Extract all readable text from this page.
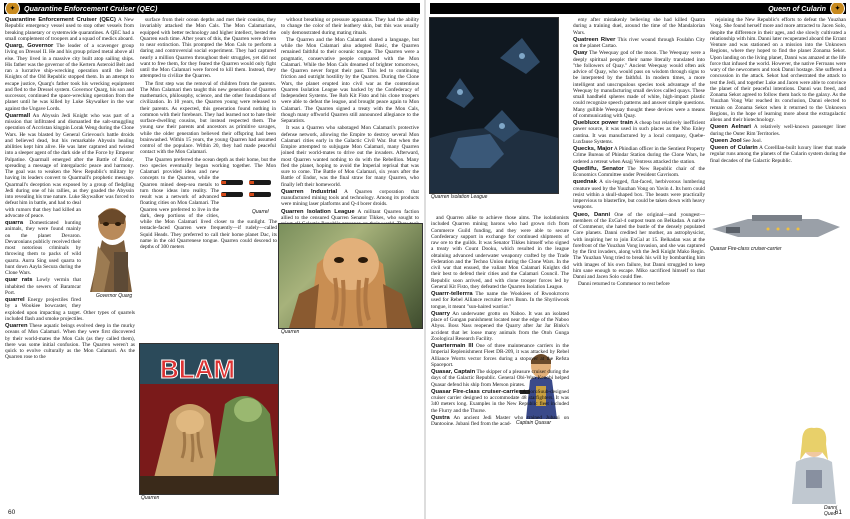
✦	Quarantine Enforcement Cruiser (QEC)

Quarantine Enforcement Cruiser (QEC) A New Republic emergency vessel used to stop other vessels from breaking planetary or systemwide quarantines. A QEC had a small complement of troopers and a squad of medics aboard.

Quarg, Governor The leader of a scavenger group living on Dressel II. He and his group prized metal above all else. They lived in a massive city built atop sailing ships. His father was the governor of the Kertern Asteroid Belt and ran a lucrative ship-wrecking operation until the Jedi Knights of the Old Republic stopped them. In an attempt to escape justice, Quarg's father took his wrecking equipment and fled to the Dressel system. Governor Quarg, his son and successor, continued the space-wrecking operation from the planet until he was killed by Luke Skywalker in the war against the Ungave Lords.

Quarmall An Abyssin Jedi Knight who was part of a mission that infiltrated and dismantled the salt-smuggling operation of Accristan kingpin Lorak Weng during the Clone Wars. He was blasted by General Grievous's battle droids and believed dead, but his remarkable Abyssin healing abilities kept him alive. He was later captured and twisted into a sleeper agent of the dark side of the Force by Emperor Palpatine. Quarmall emerged after the Battle of Endor, spreading a message of intergalactic peace and harmony. The goal was to weaken the New Republic's military by having its leaders convert to Quarmall's prophetic message. Quarmall's deception was exposed by a group of fledgling Jedi during one of his rallies, as they goaded the Abyssin into revealing his true nature. Luke Skywalker was forced to defeat him in battle, and had to deal with rumors that they had killed an advocate of peace.

quarra Domesticated hunting animals, they were found mainly on the planet Devaron. Devaronians publicly received their most notorious criminals by throwing them to packs of wild quarra. Aurra Sing used quarra to hunt down Aayla Secura during the Clone Wars.

quar rats Lowly vermin that inhabited the sewers of Baramcar Port.

quarrel Energy projectiles fired by a Wookiee bowcaster, they exploded upon impacting a target. Other types of quarrels included flash and smoke projectiles.

Quarren These aquatic beings evolved deep in the murky oceans of Mon Calamari. When they were first discovered by their world-mates the Mon Cals (as they called them), there was some initial confusion. The Quarren weren't as quick to evolve culturally as the Mon Calamari. As the Quarren rose to the

surface from their ocean depths and met their cousins, they invariably attacked the Mon Cals. The Mon Calamarians, equipped with better technology and higher intellect, bested the Quarren each time. After years of this, the Quarren were driven to near extinction. This prompted the Mon Cals to perform a daring and controversial social experiment. They had captured nearly a million Quarren throughout their struggles, yet did not want to free them, for they feared the Quarren would only fight until the Mon Calamari were forced to kill them. Instead, they attempted to civilize the Quarren.

The first step was the removal of children from the parents. The Mon Calamari then taught this new generation of Quarren mathematics, philosophy, science, and the other foundations of civilization. In 10 years, the Quarren young were released to their parents. As expected, this generation found nothing in common with their forebears. They had learned not to hate their surface-dwelling cousins, but instead respected them. The young saw their parents and ancestors as primitive savages, while the older generation believed their offspring had been brainwashed. Within 15 years, the young Quarren had assumed control of the populace. Within 20, they had made peaceful contact with the Mon Calamari.

The Quarren preferred the ocean depth as their home, but the two species eventually began working together. The Mon Calamari provided ideas and new concepts to the Quarren, while the Quarren mined deep-sea metals to turn those ideas into reality. The result was a network of advanced floating cities on Mon Calamari. The Quarren were preferred to live in the dark, deep portions of the cities, while the Mon Calamari lived closer to the sunlight. The tentacle-faced Quarren were frequently—if rudely—called Squid Heads. They preferred to call their home planet Dac, its name in the old Quarrenese tongue. Quarren could descend to depths of 300 meters

without breathing or pressure apparatus. They had the ability to change the color of their leathery skin, but this was usually only demonstrated during mating rituals.

The Quarren and the Mon Calamari shared a language, but while the Mon Calamari also adopted Basic, the Quarren remained faithful to their oceanic tongue. The Quarren were a pragmatic, conservative people compared with the Mon Calamari. While the Mon Cals dreamed of brighter tomorrows, the Quarren never forgot their past. This led to continuing friction and outright hostility by the Quarren. During the Clone Wars, the planet erupted into civil war as the contentious Quarren Isolation League was backed by the Confederacy of Independent Systems. Tee Rob Kit Fisto and his clone troopers were able to defeat the league, and brought peace again to Mon Calamari. The Quarren signed a treaty with the Mon Cals, though many offworld Quarren still announced allegiance to the Separatists.

It was a Quarren who sabotaged Mon Calamari's protective defense network, allowing the Empire to destroy several Mon Calamari cities early in the Galactic Civil War. But when the Empire attempted to subjugate Mon Calamari, many Quarren joined their world-mates to drive out the invaders. Afterward, most Quarren wanted nothing to do with the Rebellion. Many fled the planet, hoping to avoid the Imperial reprisal that was sure to come. The Battle of Mon Calamari, six years after the Battle of Endor, was the final straw for many Quarren, who finally left their homeworld.

Quarren Industrial A Quarren corporation that manufactured mining tools and technology. Among its products were mining laser platforms and Q-4 borer droids.

Quarren Isolation League A militant Quarren faction allied to the censured Quarren Senator Tikkes, who sought to

Governor Quarg
Quarrel
Quarren
BLAM
Quarren
60
Queen of Cularin	✦
Quarren Isolation League
Captain Quasar
Quasar Fire-class cruiser-carrier
Danni Queo

and Quarren alike to achieve those aims. The isolationists included Quarren mining barons who had grown rich from Commerce Guild funding, and they were able to secure Confederacy support in exchange for continued shipments of raw ore to the guilds. It was Senator Tikkes himself who signed a treaty with Count Dooku, which resulted in the league obtaining advanced underwater weaponry crafted by the Trade Federation and the Techno Union during the Clone Wars. In the civil war that ensued, the valiant Mon Calamari Knights did their best to defend their cities and the Calamari Council. The Republic soon arrived, and with clone trooper forces led by General Kit Fisto, they defeated the Quarren Isolation League.

Quarrr-tellerrra The name the Wookiees of Rwookrrorro used for Rebel Alliance recruiter Jerrs Bunn. In the Shyriiwook tongue, it meant "sun-haired warrior."

Quarry An underwater grotto on Naboo. It was an isolated place of Gungan punishment located near the edge of the Naboo Abyss. Boss Nass reopened the Quarry after Jar Jar Binks's accident that let loose many animals from the Otoh Gunga Zoological Research Facility.

Quartermain III One of three maintenance carriers in the Imperial Replenishment Fleet DR-209, it was attacked by Rebel Alliance Worrts vector forces during a stopover at the Refsta Spaceport.

Quasar, Captain The skipper of a pleasure cruiser during the days of the Galactic Republic. General Obi-Wan Kenobi helped Quasar defend his ship from Merson pirates.

Quasar Fire-class cruiser-carrier A SoroSuub-designed cruiser carrier designed to accommodate 48 starfighters. It was 340 meters long. Examples in the New Republic fleet included the Flurry and the Thurse.

Qustra An ancient Jedi Master who trained Jubani on Dantooine. Jubani fled from the acad-

emy after mistakenly believing she had killed Quatra during a training duel, around the time of the Mandalorian Wars.

Quatreen River This river wound through Foulahn City on the planet Cartao.

Quay The Weequay god of the moon. The Weequay were a deeply spiritual people: their name literally translated into "the followers of Quay." Ancient Weequay would often ask advice of Quay, who would pass on wisdom through signs to be interpreted by the faithful. In modern times, a more intelligent and unscrupulous species took advantage of the Weequay by manufacturing small devices called quays. These small handheld spheres made of white, high-impact plastic could recognize speech patterns and answer simple questions. Many gullible Weequay thought these devices were a means of communicating with Quay.

Quebluxx power train A cheap but relatively inefficient power source, it was used in such places as the Nho Enley cantina. It was manufactured by a local company, Quebe-Luxfause Systems.

Quecks, Major A Phindian officer in the Sentient Property Crime Bureau of Phindar Station during the Clone Wars, he ordered a retreat when Asajj Ventress attacked the station.

Quedlifu, Senator The New Republic chair of the Economics Committee under President Gavrisom.

quednak A six-legged, flat-faced, herbivorous lumbering creature used by the Yuuzhan Vong on Yavin 4. Its horn could resist within a skull-shaped box. The beasts were practically impervious to blasterfire, but could be taken down with heavy weapons.

Queo, Danni One of the original—and youngest—members of the ExGal-4 outpost team on Belkadan. A native of Commenor, she hated the bustle of the densely populated Core planets. Danni credited her mother, an astrophysicist, with inspiring her to join ExGal at 15. Belkadan was at the forefront of the Yuuzhan Vong invasion, and she was captured by the first invaders, along with the Jedi Knight Mako Regin. The Yuuzhan Vong tried to break his will by bombarding him with images of his own failure, but Danni struggled to keep him sane enough to escape. Miko sacrificed himself so that Danni and Jacen Solo could flee.

Danni returned to Commenor to rest before

rejoining the New Republic's efforts to defeat the Yuuzhan Vong. She found herself more and more attracted to Jacen Solo, despite the difference in their ages, and she slowly cultivated a relationship with him. Danni later recuperated aboard the Errant Venture and was stationed on a mission into the Unknown Regions, where they hoped to find the planet Zonama Sekot. Upon landing on the living planet, Danni was amazed at the life force that infused the world. However, the native Ferroans were wary of the newcomers and took Danni hostage. She suffered a concussion in the attack. Sekot had orchestrated the attack to test the Jedi, and together Luke and Jacen were able to convince the planet of their peaceful intentions. Danni was freed, and Zonama Sekot agreed to follow them back to the galaxy. As the Yuuzhan Vong War reached its conclusion, Danni elected to remain on Zonama Sekot when it returned to the Unknown Regions, in the hope of learning more about the extragalactic aliens and their biotechnology.

Queen Aelnari A relatively well-known passenger liner during the Outer Rim Territories.

Queen Jool See Jool.

Queen of Cularin A CorellIan-built luxury liner that made regular runs among the planets of the Cularin system during the final decades of the Galactic Republic.

61
